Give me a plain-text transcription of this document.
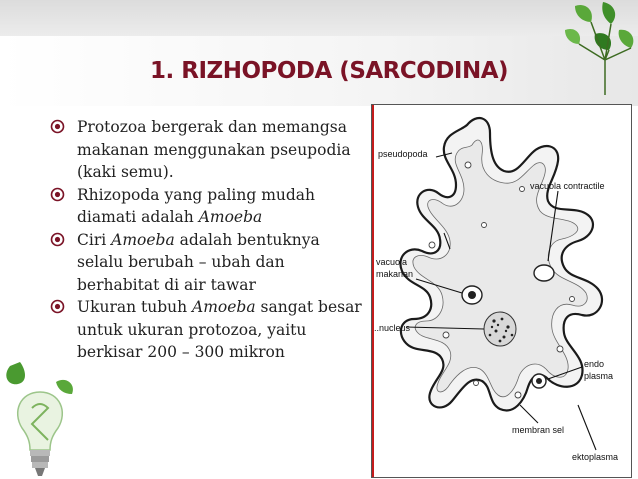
1. RIZHOPODA (SARCODINA)
Protozoa bergerak dan memangsa makanan menggunakan pseupodia (kaki semu).
Rhizopoda yang paling mudah diamati adalah Amoeba
Ciri Amoeba adalah bentuknya selalu berubah – ubah dan berhabitat di air tawar
Ukuran tubuh Amoeba sangat besar untuk ukuran protozoa, yaitu berkisar 200 – 300 mikron
pseudopoda
vacuola contractile
vacuola
makanan
..nucleus
endo
plasma
membran sel
ektoplasma
